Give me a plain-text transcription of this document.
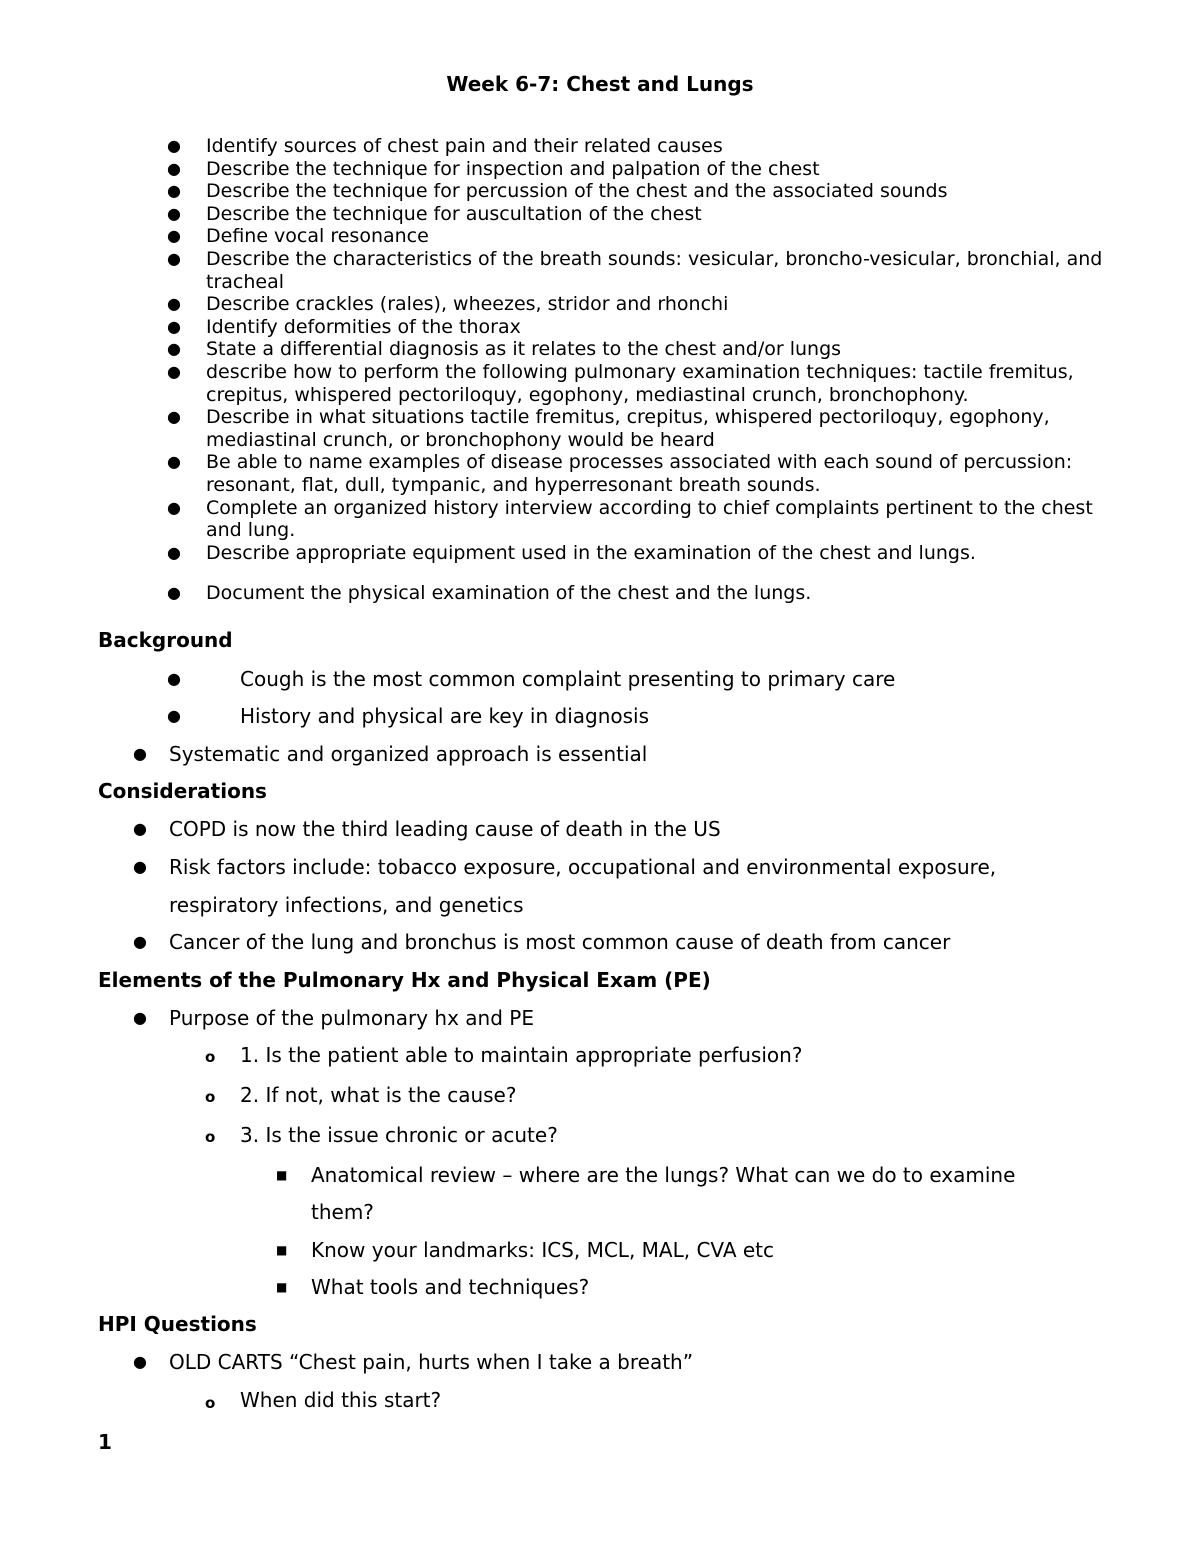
Week 6-7: Chest and Lungs
● Identify sources of chest pain and their related causes
● Describe the technique for inspection and palpation of the chest
● Describe the technique for percussion of the chest and the associated sounds
● Describe the technique for auscultation of the chest
● Define vocal resonance
● Describe the characteristics of the breath sounds: vesicular, broncho-vesicular, bronchial, and tracheal
● Describe crackles (rales), wheezes, stridor and rhonchi
● Identify deformities of the thorax
● State a differential diagnosis as it relates to the chest and/or lungs
● describe how to perform the following pulmonary examination techniques: tactile fremitus, crepitus, whispered pectoriloquy, egophony, mediastinal crunch, bronchophony.
● Describe in what situations tactile fremitus, crepitus, whispered pectoriloquy, egophony, mediastinal crunch, or bronchophony would be heard
● Be able to name examples of disease processes associated with each sound of percussion: resonant, flat, dull, tympanic, and hyperresonant breath sounds.
● Complete an organized history interview according to chief complaints pertinent to the chest and lung.
● Describe appropriate equipment used in the examination of the chest and lungs.
● Document the physical examination of the chest and the lungs.
Background
●	Cough is the most common complaint presenting to primary care
●	History and physical are key in diagnosis
● Systematic and organized approach is essential
Considerations
● COPD is now the third leading cause of death in the US
● Risk factors include: tobacco exposure, occupational and environmental exposure,
respiratory infections, and genetics
● Cancer of the lung and bronchus is most common cause of death from cancer
Elements of the Pulmonary Hx and Physical Exam (PE)
● Purpose of the pulmonary hx and PE
o 1. Is the patient able to maintain appropriate perfusion?
o 2. If not, what is the cause?
o 3. Is the issue chronic or acute?
■ Anatomical review – where are the lungs? What can we do to examine
them?
■ Know your landmarks: ICS, MCL, MAL, CVA etc
■ What tools and techniques?
HPI Questions
● OLD CARTS “Chest pain, hurts when I take a breath”
o When did this start?
1
